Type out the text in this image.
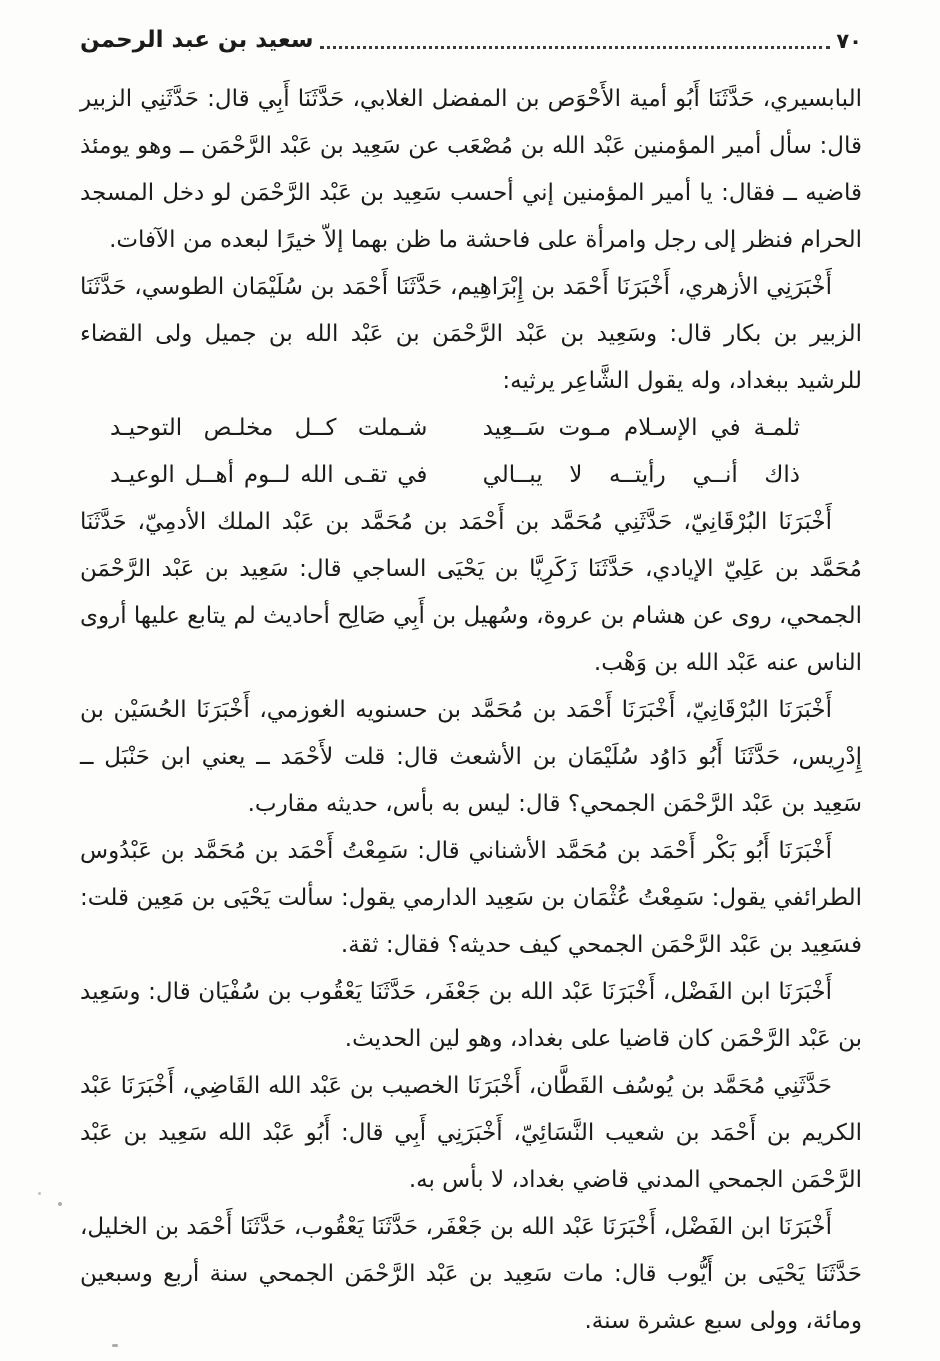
٧٠
سعيد بن عبد الرحمن

البابسيري، حَدَّثَنَا أَبُو أمية الأَحْوَص بن المفضل الغلابي، حَدَّثَنَا أَبِي قال: حَدَّثَنِي الزبير قال: سأل أمير المؤمنين عَبْد الله بن مُصْعَب عن سَعِيد بن عَبْد الرَّحْمَن ــ وهو يومئذ قاضيه ــ فقال: يا أمير المؤمنين إني أحسب سَعِيد بن عَبْد الرَّحْمَن لو دخل المسجد الحرام فنظر إلى رجل وامرأة على فاحشة ما ظن بهما إلاّ خيرًا لبعده من الآفات.

أَخْبَرَنِي الأزهري، أَخْبَرَنَا أَحْمَد بن إِبْرَاهِيم، حَدَّثَنَا أَحْمَد بن سُلَيْمَان الطوسي، حَدَّثَنَا الزبير بن بكار قال: وسَعِيد بن عَبْد الرَّحْمَن بن عَبْد الله بن جميل ولى القضاء للرشيد ببغداد، وله يقول الشَّاعِر يرثيه:

ثلمـة في الإسـلام مـوت سَــعِيد
شـملت كــل مخلـص التوحيـد
ذاك أنــي رأيتــه لا يبــالي
في تقـى الله لــوم أهــل الوعيـد

أَخْبَرَنَا البُرْقَانِيّ، حَدَّثَنِي مُحَمَّد بن أَحْمَد بن مُحَمَّد بن عَبْد الملك الأدمِيّ، حَدَّثَنَا مُحَمَّد بن عَلِيّ الإيادي، حَدَّثَنَا زَكَرِيَّا بن يَحْيَى الساجي قال: سَعِيد بن عَبْد الرَّحْمَن الجمحي، روى عن هشام بن عروة، وسُهيل بن أَبِي صَالِح أحاديث لم يتابع عليها أروى الناس عنه عَبْد الله بن وَهْب.

أَخْبَرَنَا البُرْقَانِيّ، أَخْبَرَنَا أَحْمَد بن مُحَمَّد بن حسنويه الغوزمي، أَخْبَرَنَا الحُسَيْن بن إِدْرِيس، حَدَّثَنَا أَبُو دَاوُد سُلَيْمَان بن الأشعث قال: قلت لأَحْمَد ــ يعني ابن حَنْبَل ــ سَعِيد بن عَبْد الرَّحْمَن الجمحي؟ قال: ليس به بأس، حديثه مقارب.

أَخْبَرَنَا أَبُو بَكْر أَحْمَد بن مُحَمَّد الأشناني قال: سَمِعْتُ أَحْمَد بن مُحَمَّد بن عَبْدُوس الطرائفي يقول: سَمِعْتُ عُثْمَان بن سَعِيد الدارمي يقول: سألت يَحْيَى بن مَعِين قلت: فسَعِيد بن عَبْد الرَّحْمَن الجمحي كيف حديثه؟ فقال: ثقة.

أَخْبَرَنَا ابن الفَضْل، أَخْبَرَنَا عَبْد الله بن جَعْفَر، حَدَّثَنَا يَعْقُوب بن سُفْيَان قال: وسَعِيد بن عَبْد الرَّحْمَن كان قاضيا على بغداد، وهو لين الحديث.

حَدَّثَنِي مُحَمَّد بن يُوسُف القَطَّان، أَخْبَرَنَا الخصيب بن عَبْد الله القَاضِي، أَخْبَرَنَا عَبْد الكريم بن أَحْمَد بن شعيب النَّسَائِيّ، أَخْبَرَنِي أَبِي قال: أَبُو عَبْد الله سَعِيد بن عَبْد الرَّحْمَن الجمحي المدني قاضي بغداد، لا بأس به.

أَخْبَرَنَا ابن الفَضْل، أَخْبَرَنَا عَبْد الله بن جَعْفَر، حَدَّثَنَا يَعْقُوب، حَدَّثَنَا أَحْمَد بن الخليل، حَدَّثَنَا يَحْيَى بن أَيُّوب قال: مات سَعِيد بن عَبْد الرَّحْمَن الجمحي سنة أربع وسبعين ومائة، وولى سبع عشرة سنة.
